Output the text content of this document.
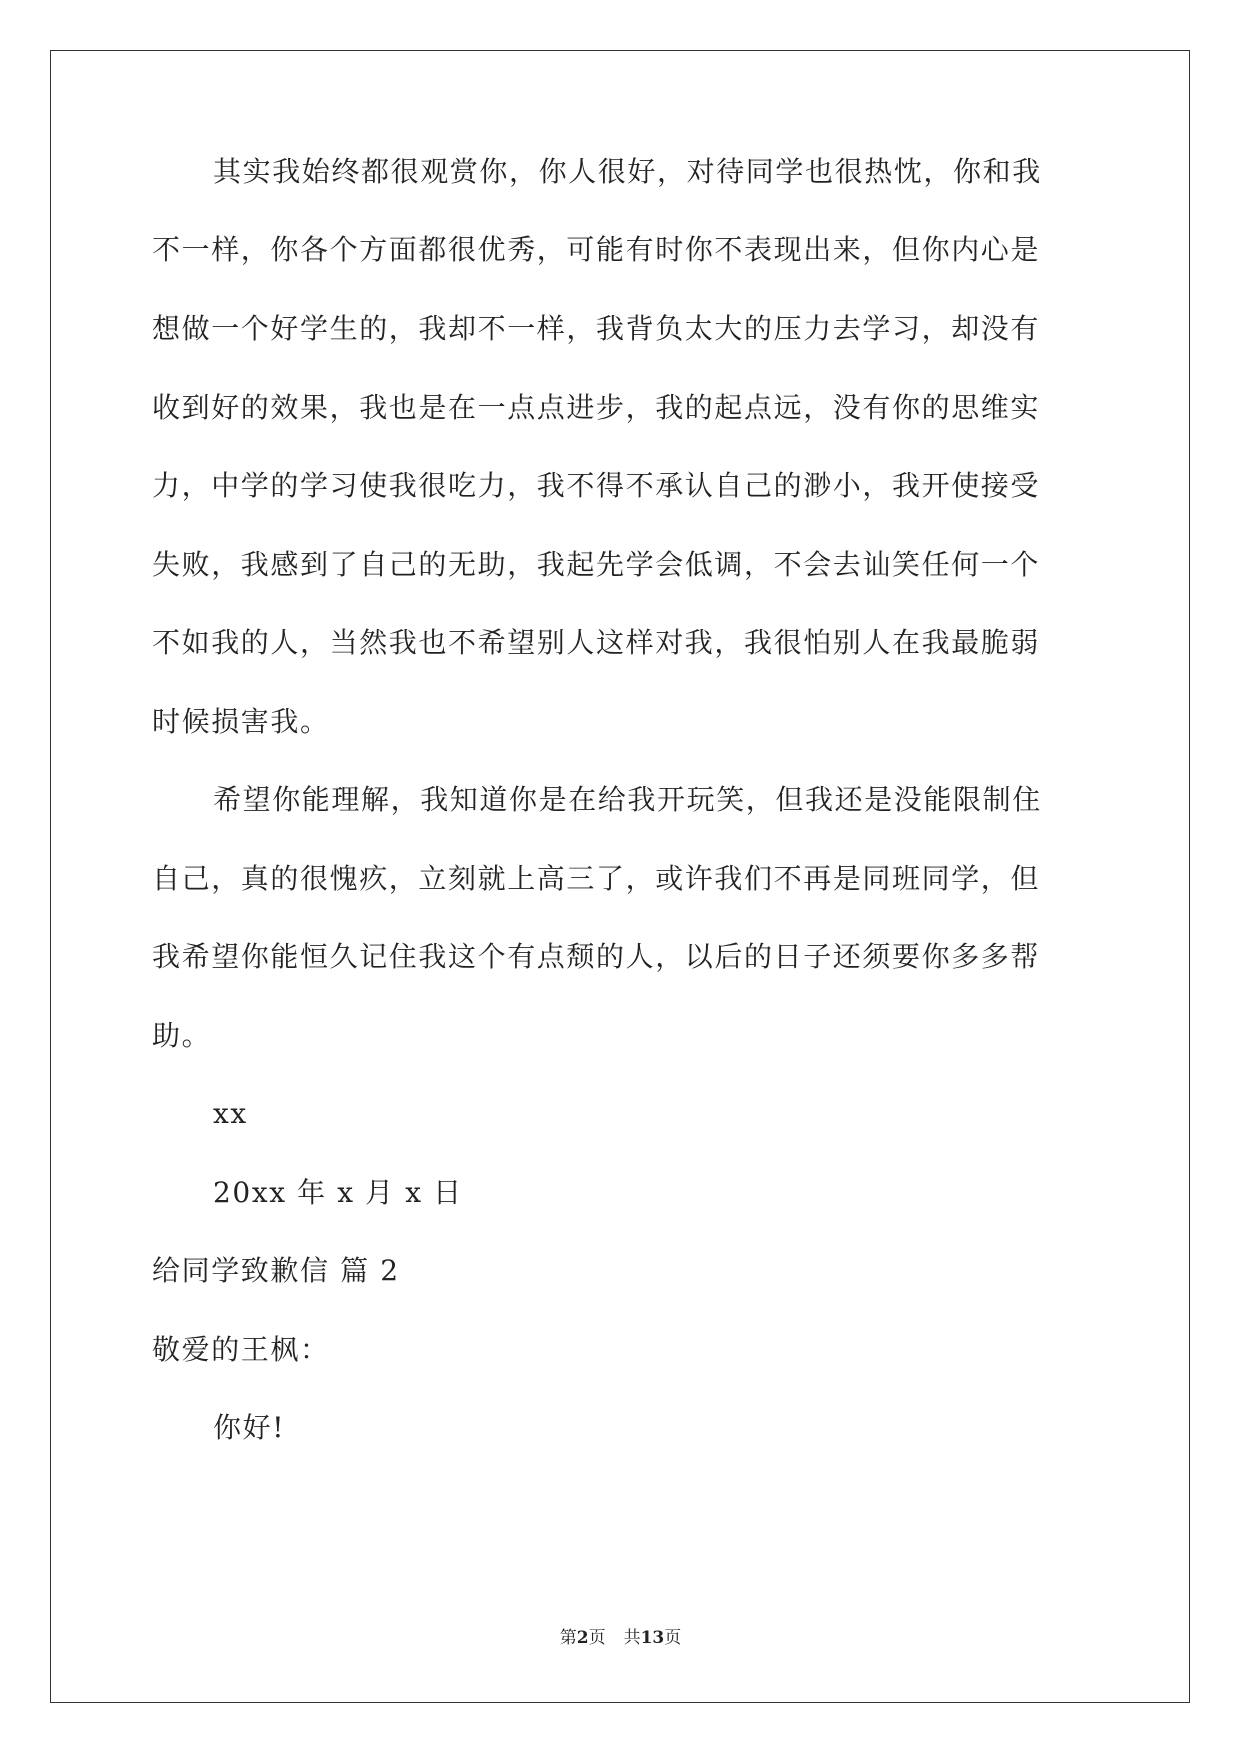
其实我始终都很观赏你，你人很好，对待同学也很热忱，你和我
不一样，你各个方面都很优秀，可能有时你不表现出来，但你内心是
想做一个好学生的，我却不一样，我背负太大的压力去学习，却没有
收到好的效果，我也是在一点点进步，我的起点远，没有你的思维实
力，中学的学习使我很吃力，我不得不承认自己的渺小，我开使接受
失败，我感到了自己的无助，我起先学会低调，不会去讪笑任何一个
不如我的人，当然我也不希望别人这样对我，我很怕别人在我最脆弱
时候损害我。
希望你能理解，我知道你是在给我开玩笑，但我还是没能限制住
自己，真的很愧疚，立刻就上高三了，或许我们不再是同班同学，但
我希望你能恒久记住我这个有点颓的人，以后的日子还须要你多多帮
助。
xx
20xx 年 x 月 x 日
给同学致歉信 篇 2
敬爱的王枫：
你好!
第2页 共13页
